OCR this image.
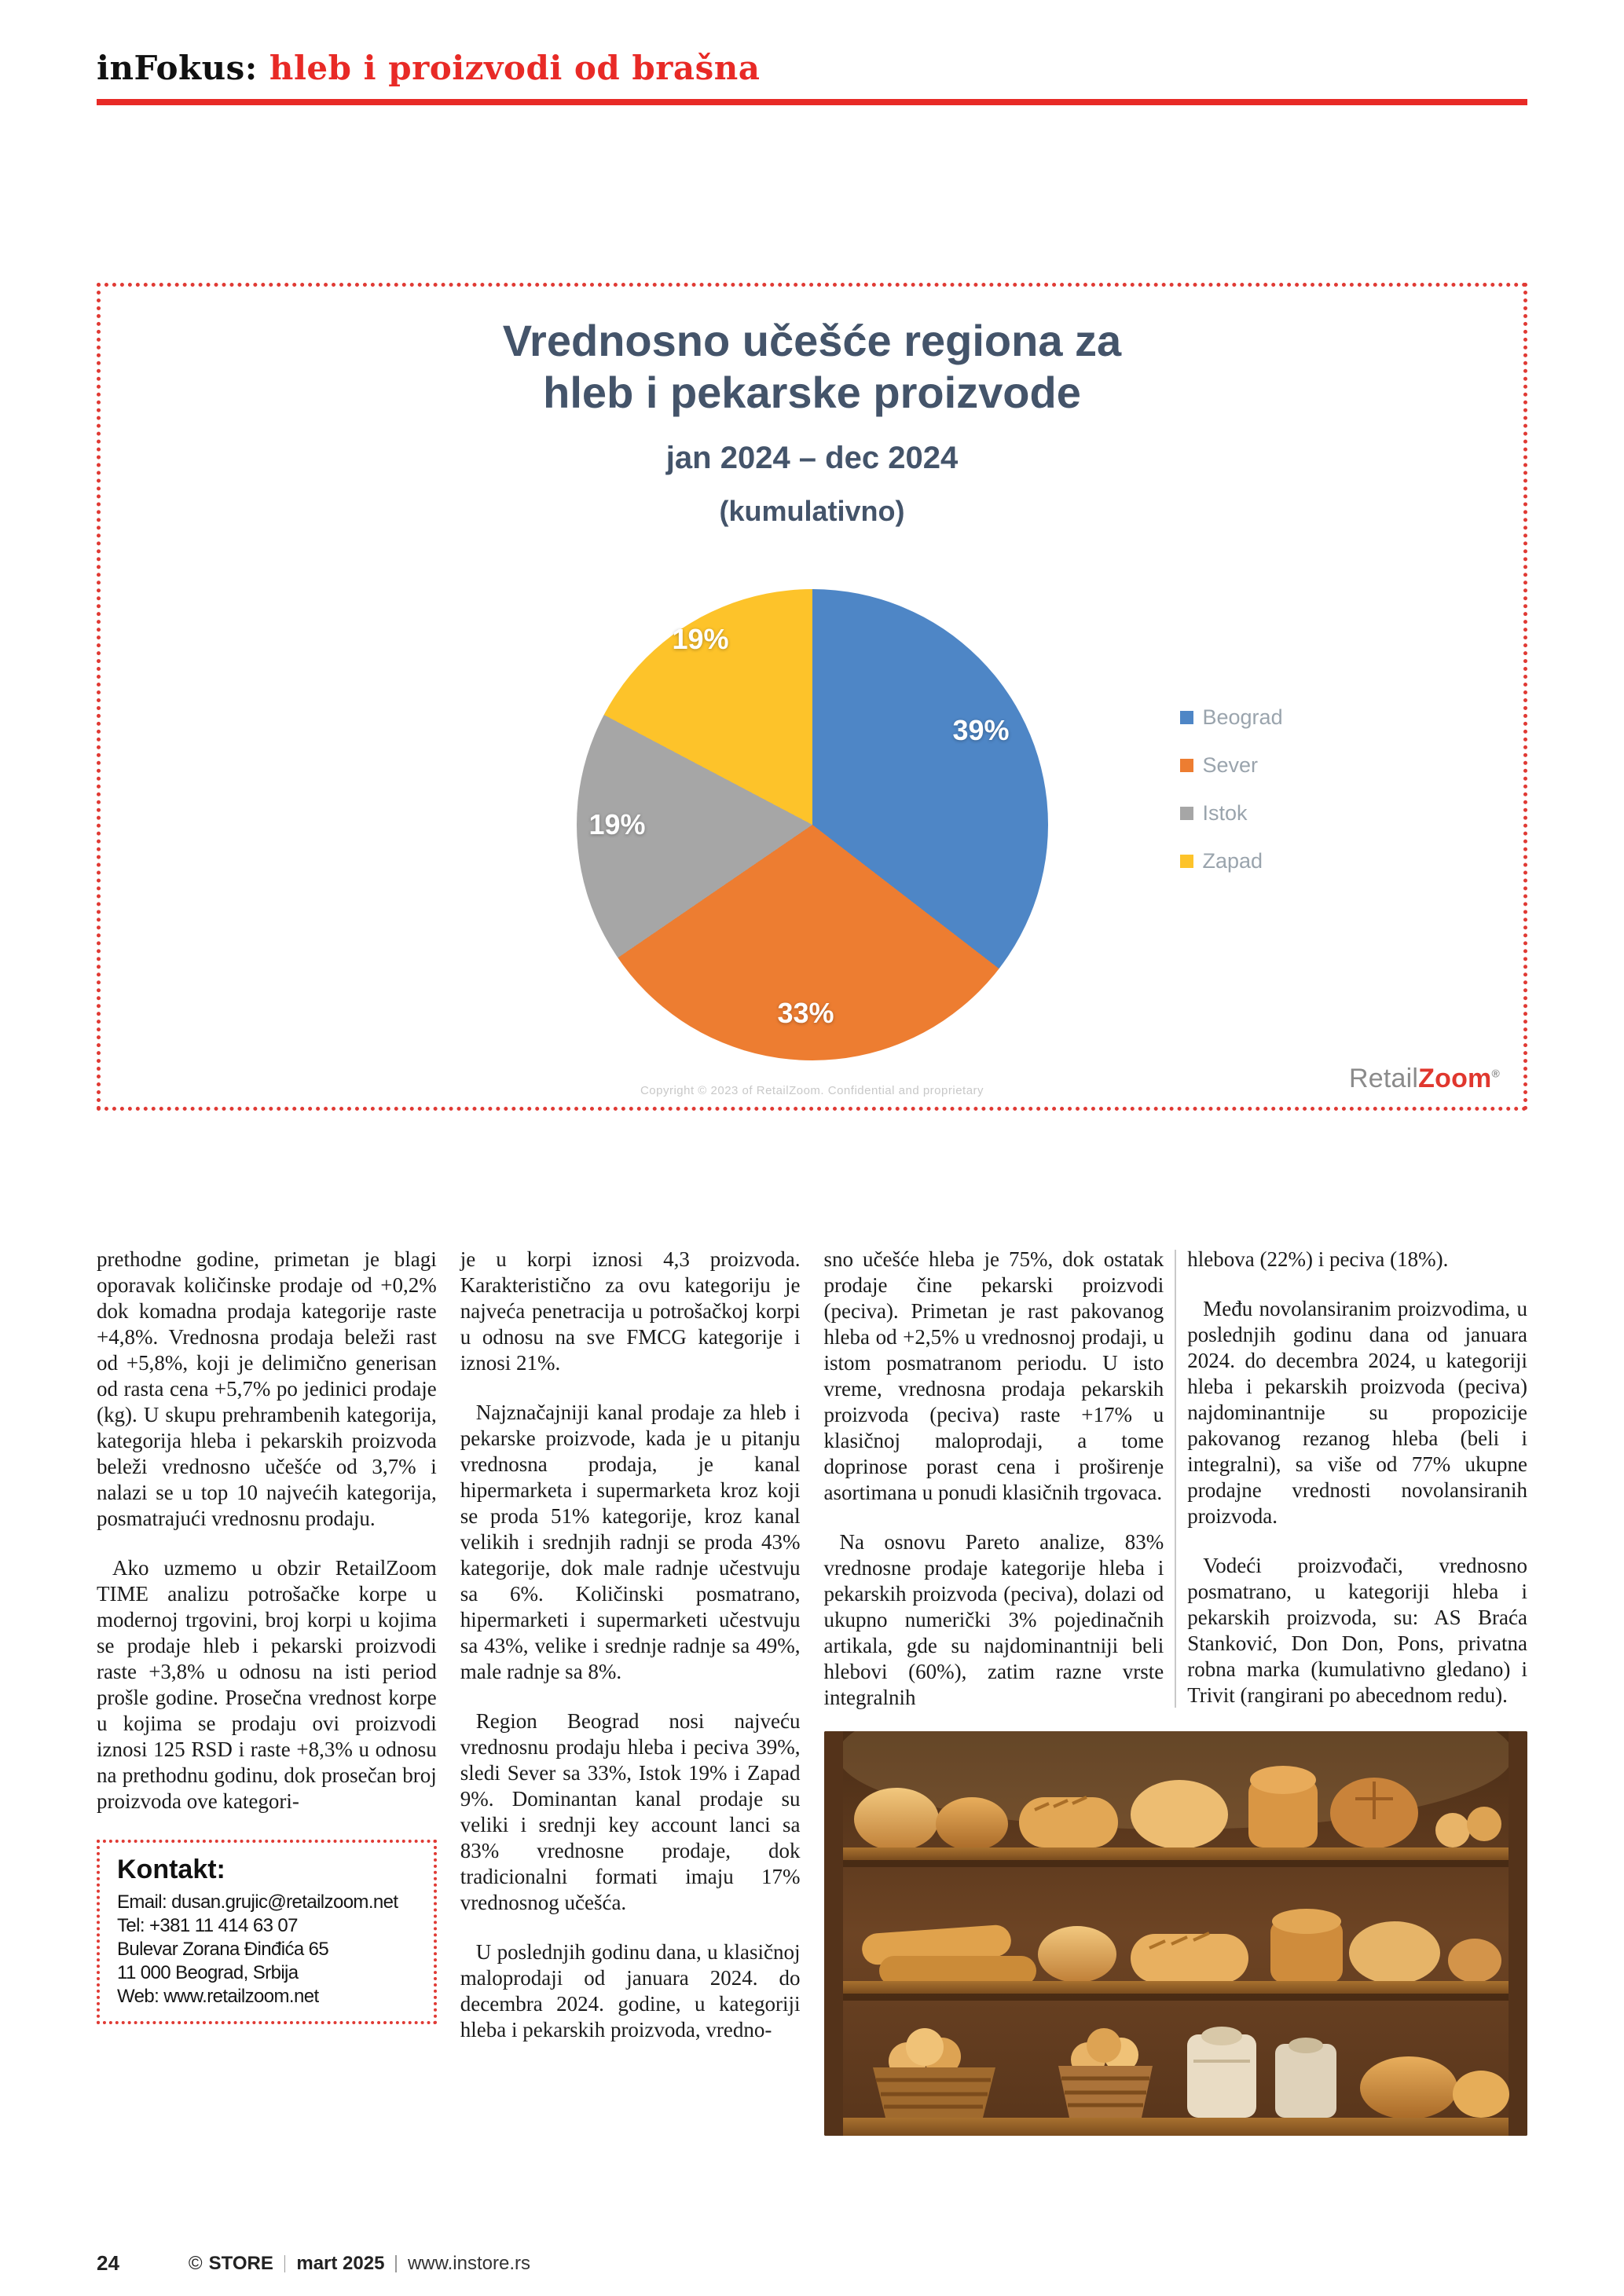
inFokus: hleb i proizvodi od brašna
Vrednosno učešće regiona za
hleb i pekarske proizvode

jan 2024 – dec 2024

(kumulativno)

39%
33%
19%
19%
Beograd
Sever
Istok
Zapad
Copyright © 2023 of RetailZoom. Confidential and proprietary	RetailZoom®

prethodne godine, primetan je blagi oporavak količinske prodaje od +0,2% dok komadna prodaja kategorije raste +4,8%. Vrednosna prodaja beleži rast od +5,8%, koji je delimično generisan od rasta cena +5,7% po jedinici prodaje (kg). U skupu prehrambenih kategorija, kategorija hleba i pekarskih proizvoda beleži vrednosno učešće od 3,7% i nalazi se u top 10 najvećih kategorija, posmatrajući vrednosnu prodaju.

Ako uzmemo u obzir RetailZoom TIME analizu potrošačke korpe u modernoj trgovini, broj korpi u kojima se prodaje hleb i pekarski proizvodi raste +3,8% u odnosu na isti period prošle godine. Prosečna vrednost korpe u kojima se prodaju ovi proizvodi iznosi 125 RSD i raste +8,3% u odnosu na prethodnu godinu, dok prosečan broj proizvoda ove kategori-

Kontakt:
Email: dusan.grujic@retailzoom.net
Tel: +381 11 414 63 07
Bulevar Zorana Đinđića 65
11 000 Beograd, Srbija
Web: www.retailzoom.net

je u korpi iznosi 4,3 proizvoda. Karakteristično za ovu kategoriju je najveća penetracija u potrošačkoj korpi u odnosu na sve FMCG kategorije i iznosi 21%.

Najznačajniji kanal prodaje za hleb i pekarske proizvode, kada je u pitanju vrednosna prodaja, je kanal hipermarketa i supermarketa kroz koji se proda 51% kategorije, kroz kanal velikih i srednjih radnji se proda 43% kategorije, dok male radnje učestvuju sa 6%. Količinski posmatrano, hipermarketi i supermarketi učestvuju sa 43%, velike i srednje radnje sa 49%, male radnje sa 8%.

Region Beograd nosi najveću vrednosnu prodaju hleba i peciva 39%, sledi Sever sa 33%, Istok 19% i Zapad 9%. Dominantan kanal prodaje su veliki i srednji key account lanci sa 83% vrednosne prodaje, dok tradicionalni formati imaju 17% vrednosnog učešća.

U poslednjih godinu dana, u klasičnoj maloprodaji od januara 2024. do decembra 2024. godine, u kategoriji hleba i pekarskih proizvoda, vredno-

sno učešće hleba je 75%, dok ostatak prodaje čine pekarski proizvodi (peciva). Primetan je rast pakovanog hleba od +2,5% u vrednosnoj prodaji, u istom posmatranom periodu. U isto vreme, vrednosna prodaja pekarskih proizvoda (peciva) raste +17% u klasičnoj maloprodaji, a tome doprinose porast cena i proširenje asortimana u ponudi klasičnih trgovaca.

Na osnovu Pareto analize, 83% vrednosne prodaje kategorije hleba i pekarskih proizvoda (peciva), dolazi od ukupno numerički 3% pojedinačnih artikala, gde su najdominantniji beli hlebovi (60%), zatim razne vrste integralnih

hlebova (22%) i peciva (18%).

Među novolansiranim proizvodima, u poslednjih godinu dana od januara 2024. do decembra 2024, u kategoriji hleba i pekarskih proizvoda (peciva) najdominantnije su propozicije pakovanog rezanog hleba (beli i integralni), sa više od 77% ukupne prodajne vrednosti novolansiranih proizvoda.

Vodeći proizvođači, vrednosno posmatrano, u kategoriji hleba i pekarskih proizvoda, su: AS Braća Stanković, Don Don, Pons, privatna robna marka (kumulativno gledano) i Trivit (rangirani po abecednom redu).

24	© STORE mart 2025 www.instore.rs
